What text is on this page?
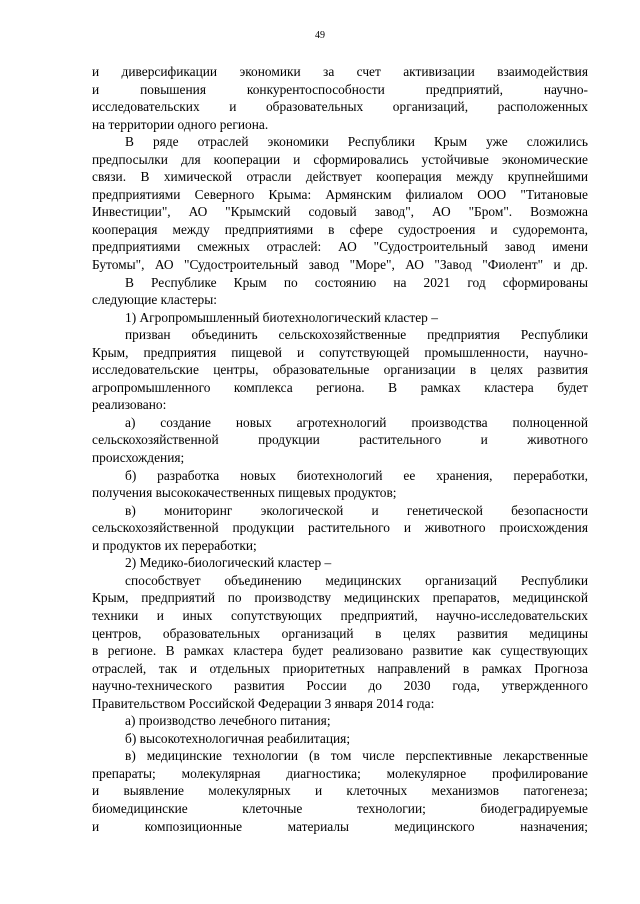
49
и диверсификации экономики за счет активизации взаимодействия
и повышения конкурентоспособности предприятий, научно-
исследовательских и образовательных организаций, расположенных
на территории одного региона.
В ряде отраслей экономики Республики Крым уже сложились
предпосылки для кооперации и сформировались устойчивые экономические
связи. В химической отрасли действует кооперация между крупнейшими
предприятиями Северного Крыма: Армянским филиалом ООО "Титановые
Инвестиции", АО "Крымский содовый завод", АО "Бром". Возможна
кооперация между предприятиями в сфере судостроения и судоремонта,
предприятиями смежных отраслей: АО "Судостроительный завод имени
Бутомы", АО "Судостроительный завод "Море", АО "Завод "Фиолент" и др.
В Республике Крым по состоянию на 2021 год сформированы
следующие кластеры:
1) Агропромышленный биотехнологический кластер –
призван объединить сельскохозяйственные предприятия Республики
Крым, предприятия пищевой и сопутствующей промышленности, научно-
исследовательские центры, образовательные организации в целях развития
агропромышленного комплекса региона. В рамках кластера будет
реализовано:
а) создание новых агротехнологий производства полноценной
сельскохозяйственной продукции растительного и животного
происхождения;
б) разработка новых биотехнологий ее хранения, переработки,
получения высококачественных пищевых продуктов;
в) мониторинг экологической и генетической безопасности
сельскохозяйственной продукции растительного и животного происхождения
и продуктов их переработки;
2) Медико-биологический кластер –
способствует объединению медицинских организаций Республики
Крым, предприятий по производству медицинских препаратов, медицинской
техники и иных сопутствующих предприятий, научно-исследовательских
центров, образовательных организаций в целях развития медицины
в регионе. В рамках кластера будет реализовано развитие как существующих
отраслей, так и отдельных приоритетных направлений в рамках Прогноза
научно-технического развития России до 2030 года, утвержденного
Правительством Российской Федерации 3 января 2014 года:
а) производство лечебного питания;
б) высокотехнологичная реабилитация;
в) медицинские технологии (в том числе перспективные лекарственные
препараты; молекулярная диагностика; молекулярное профилирование
и выявление молекулярных и клеточных механизмов патогенеза;
биомедицинские клеточные технологии; биодеградируемые
и композиционные материалы медицинского назначения;
